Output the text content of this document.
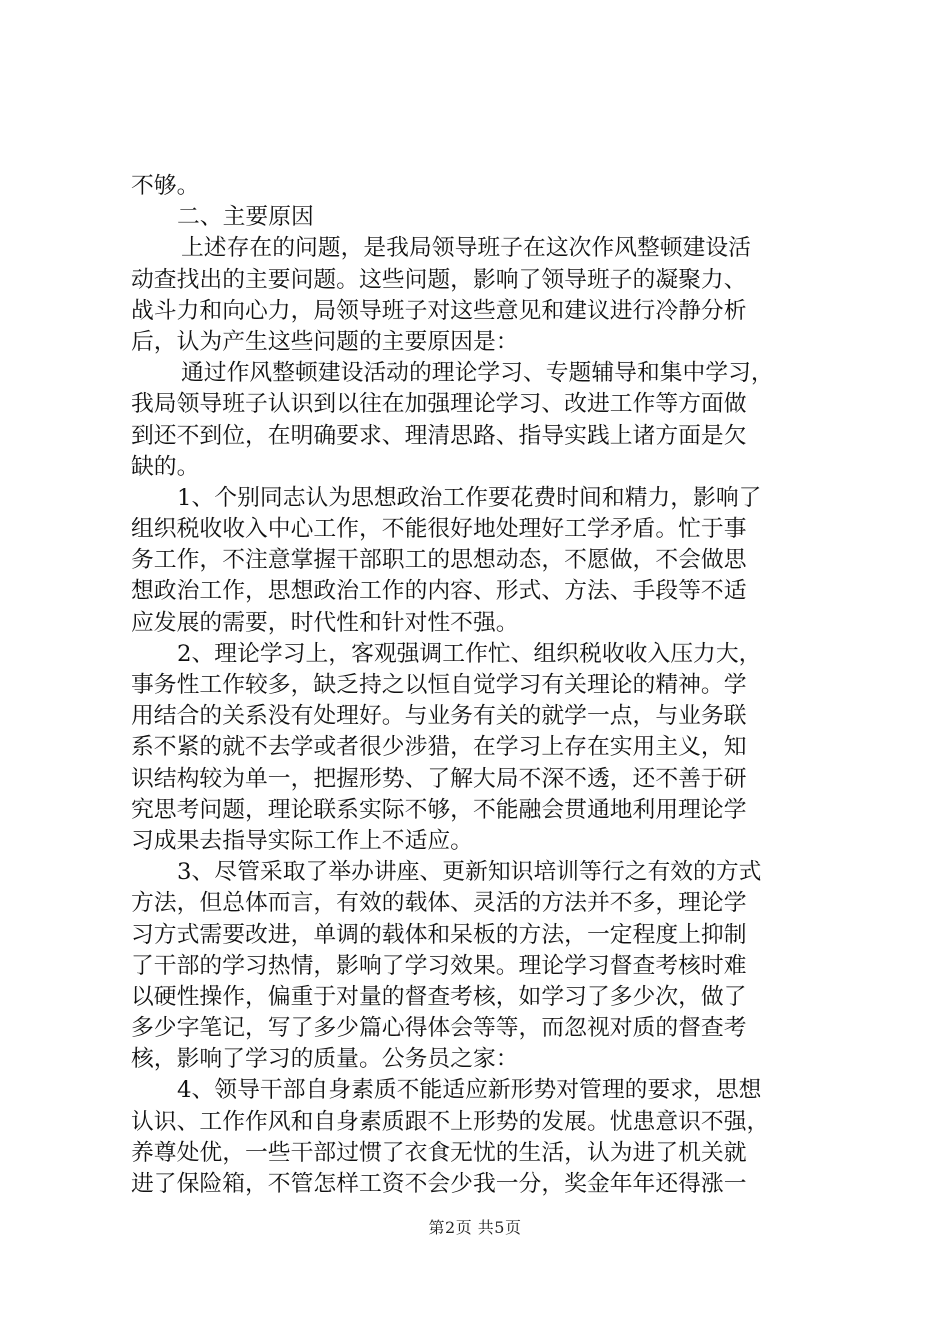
不够。
二、主要原因
上述存在的问题，是我局领导班子在这次作风整顿建设活
动查找出的主要问题。这些问题，影响了领导班子的凝聚力、
战斗力和向心力，局领导班子对这些意见和建议进行冷静分析
后，认为产生这些问题的主要原因是：
通过作风整顿建设活动的理论学习、专题辅导和集中学习，
我局领导班子认识到以往在加强理论学习、改进工作等方面做
到还不到位，在明确要求、理清思路、指导实践上诸方面是欠
缺的。
1、个别同志认为思想政治工作要花费时间和精力，影响了
组织税收收入中心工作，不能很好地处理好工学矛盾。忙于事
务工作，不注意掌握干部职工的思想动态，不愿做，不会做思
想政治工作，思想政治工作的内容、形式、方法、手段等不适
应发展的需要，时代性和针对性不强。
2、理论学习上，客观强调工作忙、组织税收收入压力大，
事务性工作较多，缺乏持之以恒自觉学习有关理论的精神。学
用结合的关系没有处理好。与业务有关的就学一点，与业务联
系不紧的就不去学或者很少涉猎，在学习上存在实用主义，知
识结构较为单一，把握形势、了解大局不深不透，还不善于研
究思考问题，理论联系实际不够，不能融会贯通地利用理论学
习成果去指导实际工作上不适应。
3、尽管采取了举办讲座、更新知识培训等行之有效的方式
方法，但总体而言，有效的载体、灵活的方法并不多，理论学
习方式需要改进，单调的载体和呆板的方法，一定程度上抑制
了干部的学习热情，影响了学习效果。理论学习督查考核时难
以硬性操作，偏重于对量的督查考核，如学习了多少次，做了
多少字笔记，写了多少篇心得体会等等，而忽视对质的督查考
核，影响了学习的质量。公务员之家：
4、领导干部自身素质不能适应新形势对管理的要求，思想
认识、工作作风和自身素质跟不上形势的发展。忧患意识不强，
养尊处优，一些干部过惯了衣食无忧的生活，认为进了机关就
进了保险箱，不管怎样工资不会少我一分，奖金年年还得涨一
第2页 共5页
